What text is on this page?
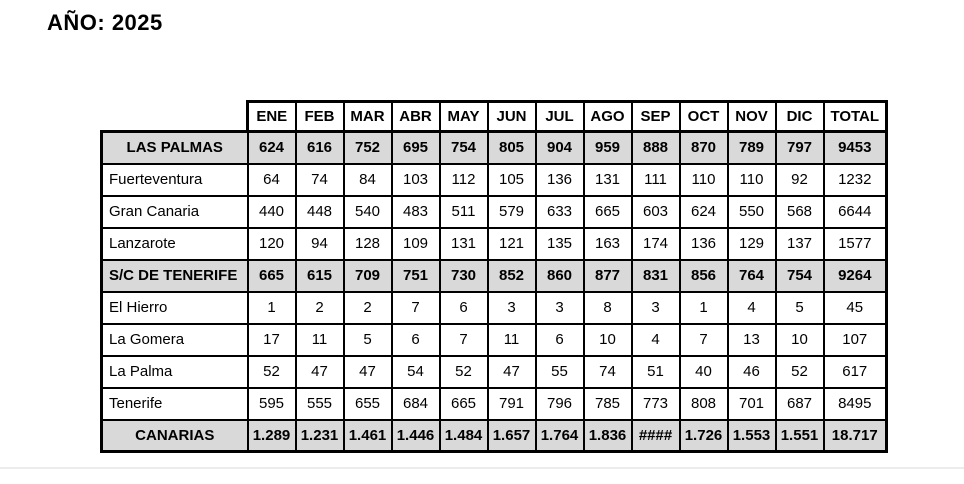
AÑO: 2025
	ENE	FEB	MAR	ABR	MAY	JUN	JUL	AGO	SEP	OCT	NOV	DIC	TOTAL
LAS PALMAS	624	616	752	695	754	805	904	959	888	870	789	797	9453
Fuerteventura	64	74	84	103	112	105	136	131	111	110	110	92	1232
Gran Canaria	440	448	540	483	511	579	633	665	603	624	550	568	6644
Lanzarote	120	94	128	109	131	121	135	163	174	136	129	137	1577
S/C DE TENERIFE	665	615	709	751	730	852	860	877	831	856	764	754	9264
El Hierro	1	2	2	7	6	3	3	8	3	1	4	5	45
La Gomera	17	11	5	6	7	11	6	10	4	7	13	10	107
La Palma	52	47	47	54	52	47	55	74	51	40	46	52	617
Tenerife	595	555	655	684	665	791	796	785	773	808	701	687	8495
CANARIAS	1.289	1.231	1.461	1.446	1.484	1.657	1.764	1.836	####	1.726	1.553	1.551	18.717
